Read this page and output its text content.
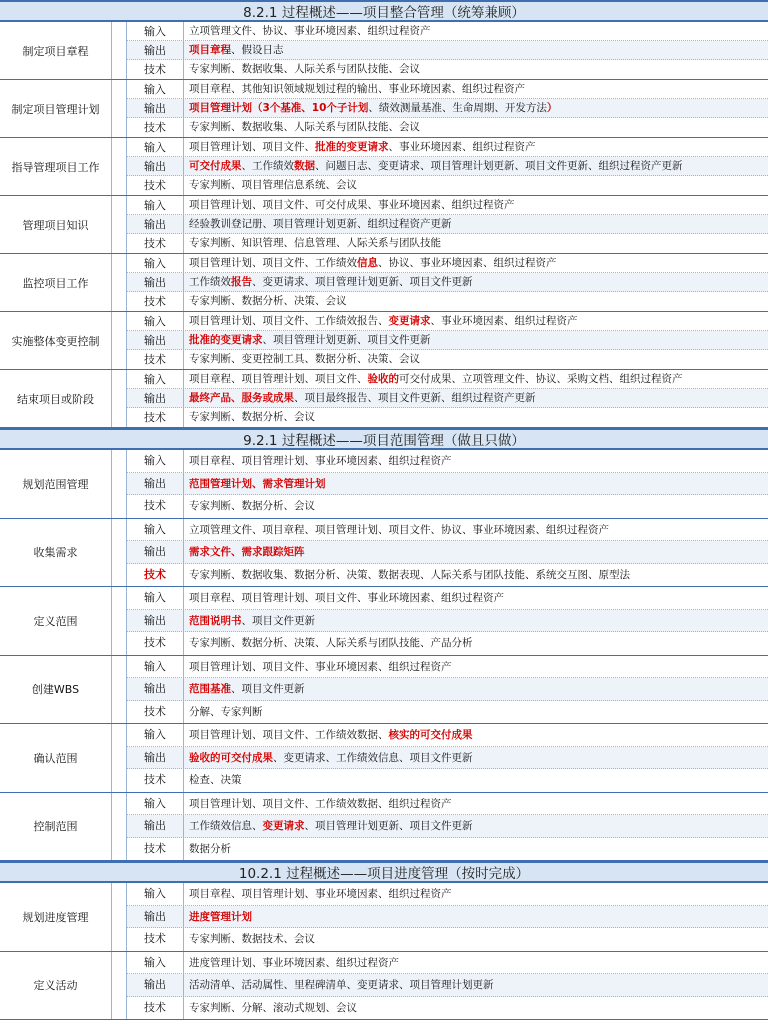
8.2.1 过程概述——项目整合管理（统筹兼顾）
制定项目章程
输入	立项管理文件、协议、事业环境因素、组织过程资产
输出	项目章程、假设日志
技术	专家判断、数据收集、人际关系与团队技能、会议
制定项目管理计划
输入	项目章程、其他知识领域规划过程的输出、事业环境因素、组织过程资产
输出	项目管理计划（3个基准、10个子计划、绩效测量基准、生命周期、开发方法）
技术	专家判断、数据收集、人际关系与团队技能、会议
指导管理项目工作
输入	项目管理计划、项目文件、批准的变更请求、事业环境因素、组织过程资产
输出	可交付成果、工作绩效数据、问题日志、变更请求、项目管理计划更新、项目文件更新、组织过程资产更新
技术	专家判断、项目管理信息系统、会议
管理项目知识
输入	项目管理计划、项目文件、可交付成果、事业环境因素、组织过程资产
输出	经验教训登记册、项目管理计划更新、组织过程资产更新
技术	专家判断、知识管理、信息管理、人际关系与团队技能
监控项目工作
输入	项目管理计划、项目文件、工作绩效信息、协议、事业环境因素、组织过程资产
输出	工作绩效报告、变更请求、项目管理计划更新、项目文件更新
技术	专家判断、数据分析、决策、会议
实施整体变更控制
输入	项目管理计划、项目文件、工作绩效报告、变更请求、事业环境因素、组织过程资产
输出	批准的变更请求、项目管理计划更新、项目文件更新
技术	专家判断、变更控制工具、数据分析、决策、会议
结束项目或阶段
输入	项目章程、项目管理计划、项目文件、验收的可交付成果、立项管理文件、协议、采购文档、组织过程资产
输出	最终产品、服务或成果、项目最终报告、项目文件更新、组织过程资产更新
技术	专家判断、数据分析、会议
9.2.1 过程概述——项目范围管理（做且只做）
规划范围管理
输入	项目章程、项目管理计划、事业环境因素、组织过程资产
输出	范围管理计划、需求管理计划
技术	专家判断、数据分析、会议
收集需求
输入	立项管理文件、项目章程、项目管理计划、项目文件、协议、事业环境因素、组织过程资产
输出	需求文件、需求跟踪矩阵
技术	专家判断、数据收集、数据分析、决策、数据表现、人际关系与团队技能、系统交互图、原型法
定义范围
输入	项目章程、项目管理计划、项目文件、事业环境因素、组织过程资产
输出	范围说明书、项目文件更新
技术	专家判断、数据分析、决策、人际关系与团队技能、产品分析
创建WBS
输入	项目管理计划、项目文件、事业环境因素、组织过程资产
输出	范围基准、项目文件更新
技术	分解、专家判断
确认范围
输入	项目管理计划、项目文件、工作绩效数据、核实的可交付成果
输出	验收的可交付成果、变更请求、工作绩效信息、项目文件更新
技术	检查、决策
控制范围
输入	项目管理计划、项目文件、工作绩效数据、组织过程资产
输出	工作绩效信息、变更请求、项目管理计划更新、项目文件更新
技术	数据分析
10.2.1 过程概述——项目进度管理（按时完成）
规划进度管理
输入	项目章程、项目管理计划、事业环境因素、组织过程资产
输出	进度管理计划
技术	专家判断、数据技术、会议
定义活动
输入	进度管理计划、事业环境因素、组织过程资产
输出	活动清单、活动属性、里程碑清单、变更请求、项目管理计划更新
技术	专家判断、分解、滚动式规划、会议
